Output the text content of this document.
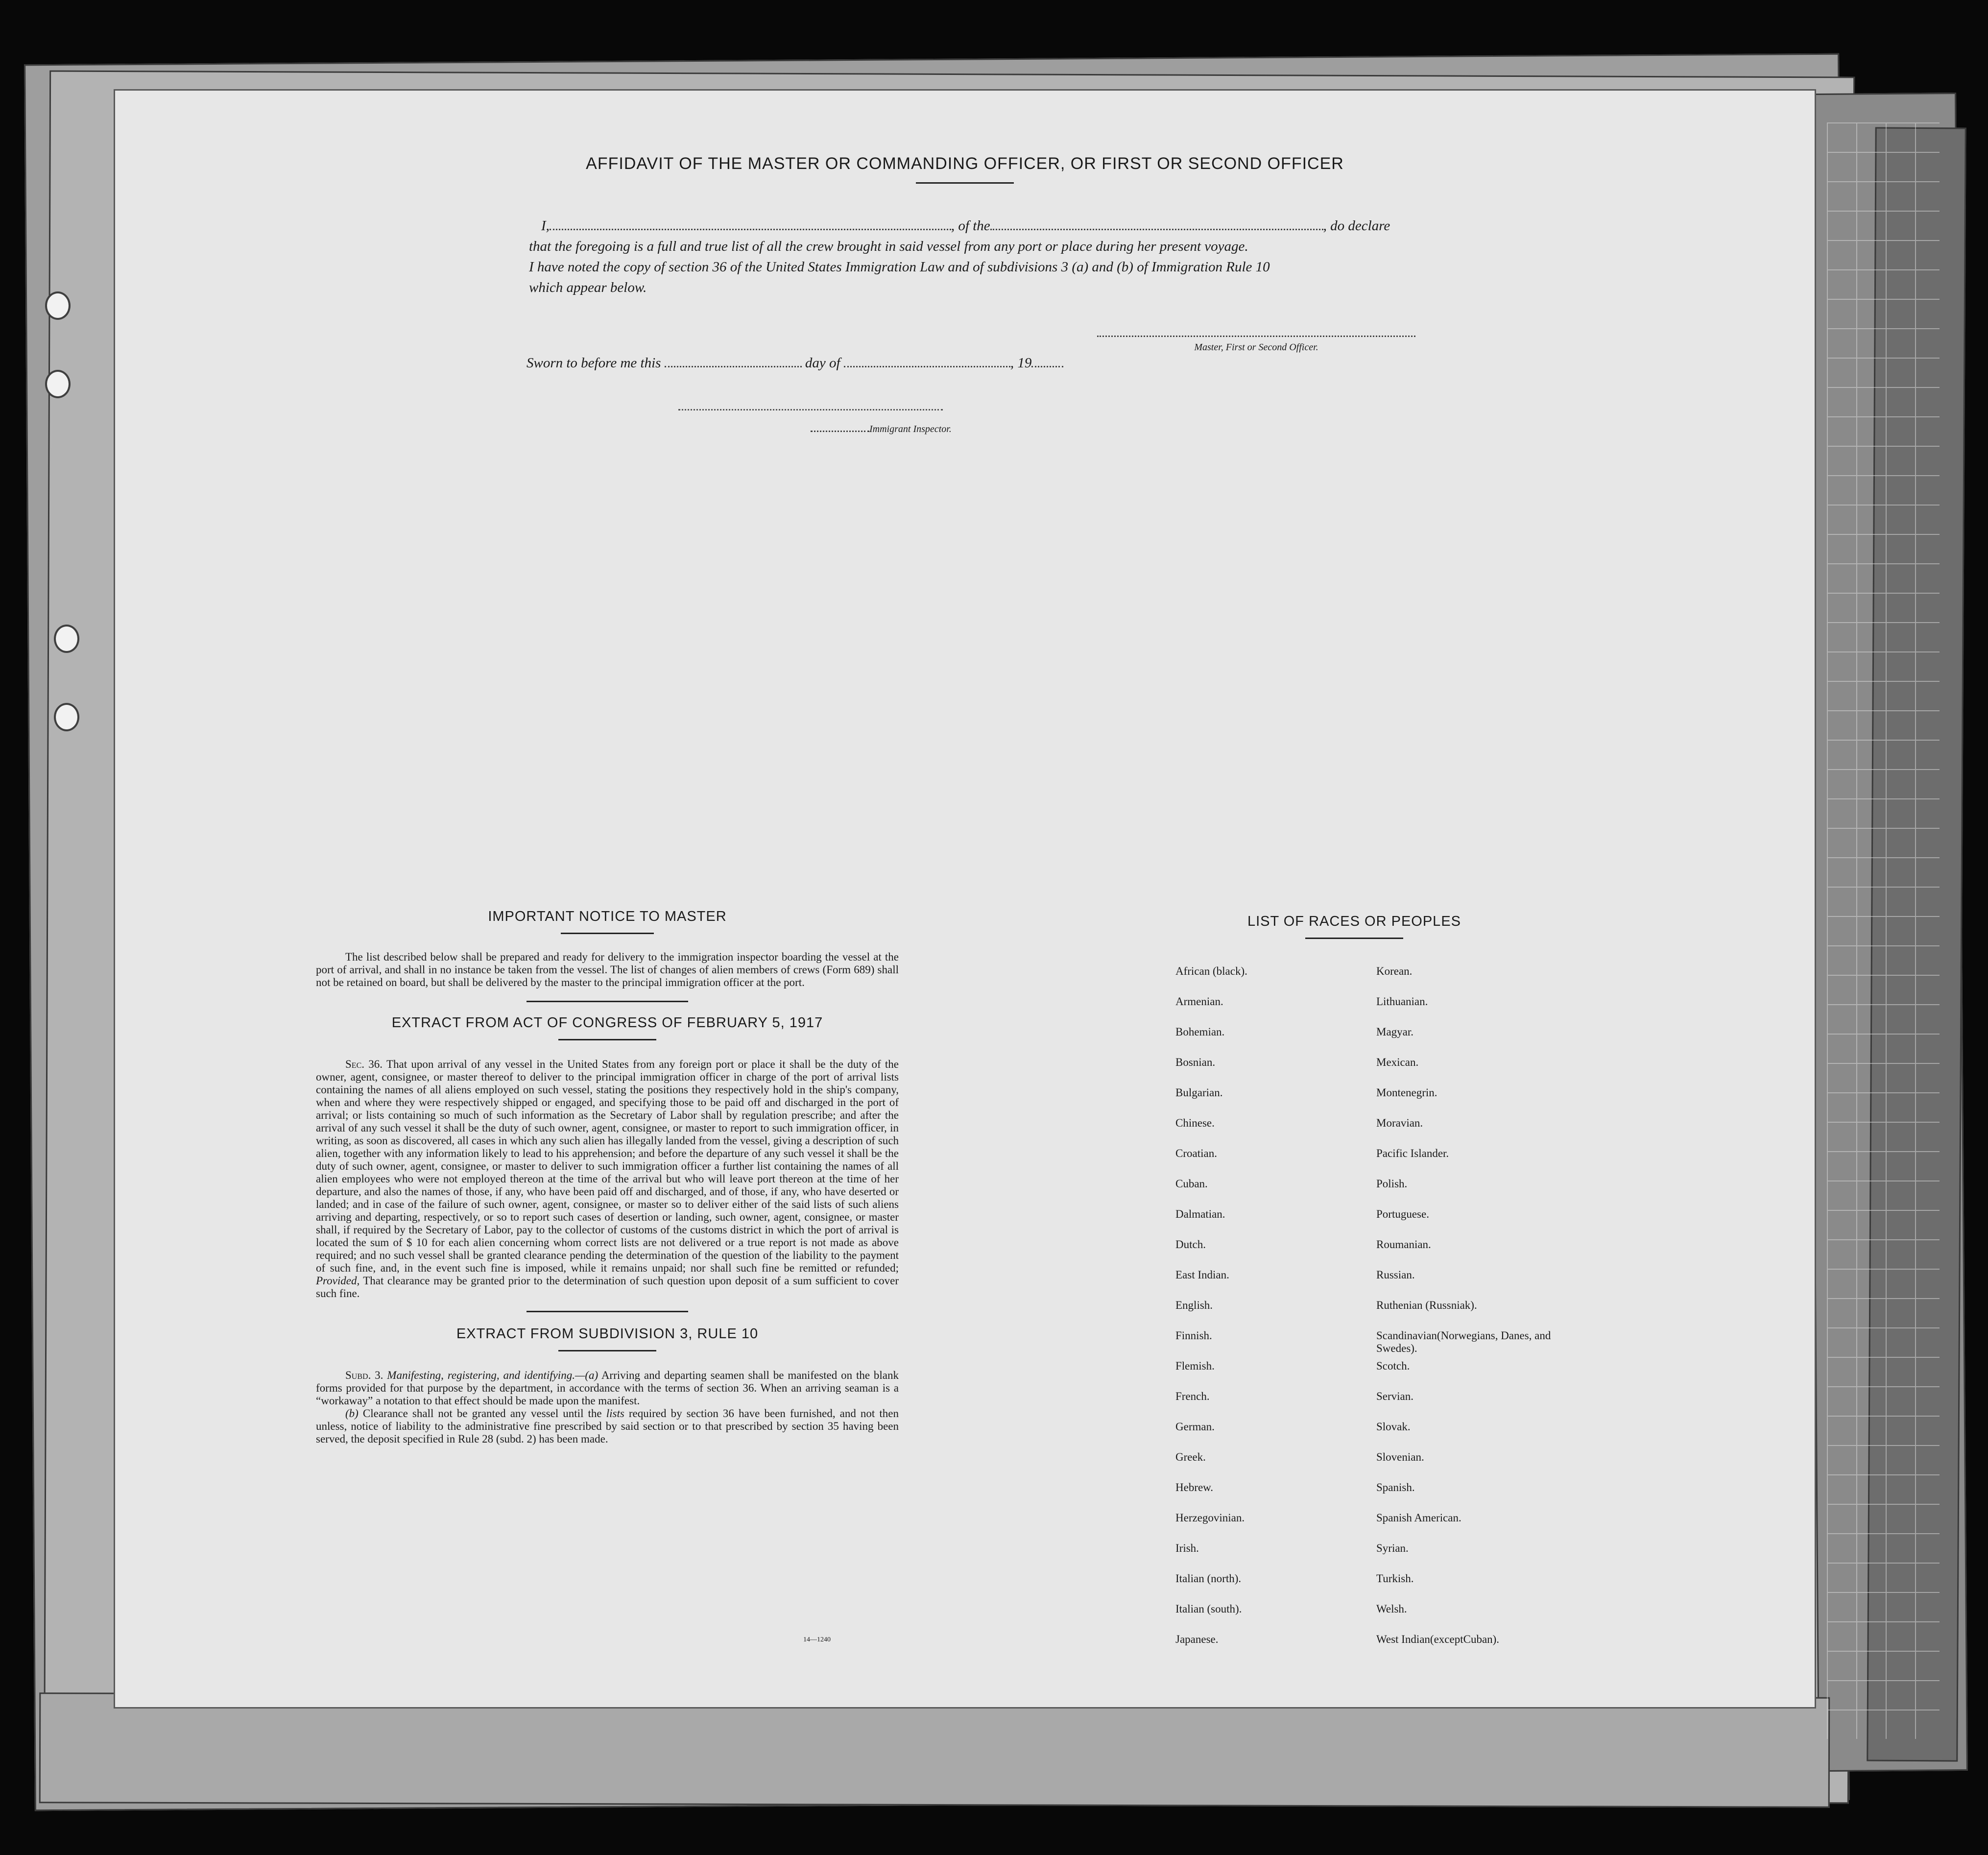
AFFIDAVIT OF THE MASTER OR COMMANDING OFFICER, OR FIRST OR SECOND OFFICER
I,	, of the	, do declare
that the foregoing is a full and true list of all the crew brought in said vessel from any port or place during her present voyage.
I have noted the copy of section 36 of the United States Immigration Law and of subdivisions 3 (a) and (b) of Immigration Rule 10
which appear below.
Master, First or Second Officer.
Sworn to before me this	day of	, 19
Immigrant Inspector.
IMPORTANT NOTICE TO MASTER

The list described below shall be prepared and ready for delivery to the immigration inspector boarding the vessel at the port of arrival, and shall in no instance be taken from the vessel. The list of changes of alien members of crews (Form 689) shall not be retained on board, but shall be delivered by the master to the principal immigration officer at the port.

EXTRACT FROM ACT OF CONGRESS OF FEBRUARY 5, 1917

Sec. 36. That upon arrival of any vessel in the United States from any foreign port or place it shall be the duty of the owner, agent, consignee, or master thereof to deliver to the principal immigration officer in charge of the port of arrival lists containing the names of all aliens employed on such vessel, stating the positions they respectively hold in the ship's company, when and where they were respectively shipped or engaged, and specifying those to be paid off and discharged in the port of arrival; or lists containing so much of such information as the Secretary of Labor shall by regulation prescribe; and after the arrival of any such vessel it shall be the duty of such owner, agent, consignee, or master to report to such immigration officer, in writing, as soon as discovered, all cases in which any such alien has illegally landed from the vessel, giving a description of such alien, together with any information likely to lead to his apprehension; and before the departure of any such vessel it shall be the duty of such owner, agent, consignee, or master to deliver to such immigration officer a further list containing the names of all alien employees who were not employed thereon at the time of the arrival but who will leave port thereon at the time of her departure, and also the names of those, if any, who have been paid off and discharged, and of those, if any, who have deserted or landed; and in case of the failure of such owner, agent, consignee, or master so to deliver either of the said lists of such aliens arriving and departing, respectively, or so to report such cases of desertion or landing, such owner, agent, consignee, or master shall, if required by the Secretary of Labor, pay to the collector of customs of the customs district in which the port of arrival is located the sum of $ 10 for each alien concerning whom correct lists are not delivered or a true report is not made as above required; and no such vessel shall be granted clearance pending the determination of the question of the liability to the payment of such fine, and, in the event such fine is imposed, while it remains unpaid; nor shall such fine be remitted or refunded; Provided, That clearance may be granted prior to the determination of such question upon deposit of a sum sufficient to cover such fine.

EXTRACT FROM SUBDIVISION 3, RULE 10

Subd. 3. Manifesting, registering, and identifying.—(a) Arriving and departing seamen shall be manifested on the blank forms provided for that purpose by the department, in accordance with the terms of section 36. When an arriving seaman is a “workaway” a notation to that effect should be made upon the manifest.

(b) Clearance shall not be granted any vessel until the lists required by section 36 have been furnished, and not then unless, notice of liability to the administrative fine prescribed by said section or to that prescribed by section 35 having been served, the deposit specified in Rule 28 (subd. 2) has been made.

14—1240
LIST OF RACES OR PEOPLES
African (black).
Armenian.
Bohemian.
Bosnian.
Bulgarian.
Chinese.
Croatian.
Cuban.
Dalmatian.
Dutch.
East Indian.
English.
Finnish.
Flemish.
French.
German.
Greek.
Hebrew.
Herzegovinian.
Irish.
Italian (north).
Italian (south).
Japanese.
Korean.
Lithuanian.
Magyar.
Mexican.
Montenegrin.
Moravian.
Pacific Islander.
Polish.
Portuguese.
Roumanian.
Russian.
Ruthenian (Russniak).
Scandinavian(Norwegians, Danes, and Swedes).
Scotch.
Servian.
Slovak.
Slovenian.
Spanish.
Spanish American.
Syrian.
Turkish.
Welsh.
West Indian(exceptCuban).
